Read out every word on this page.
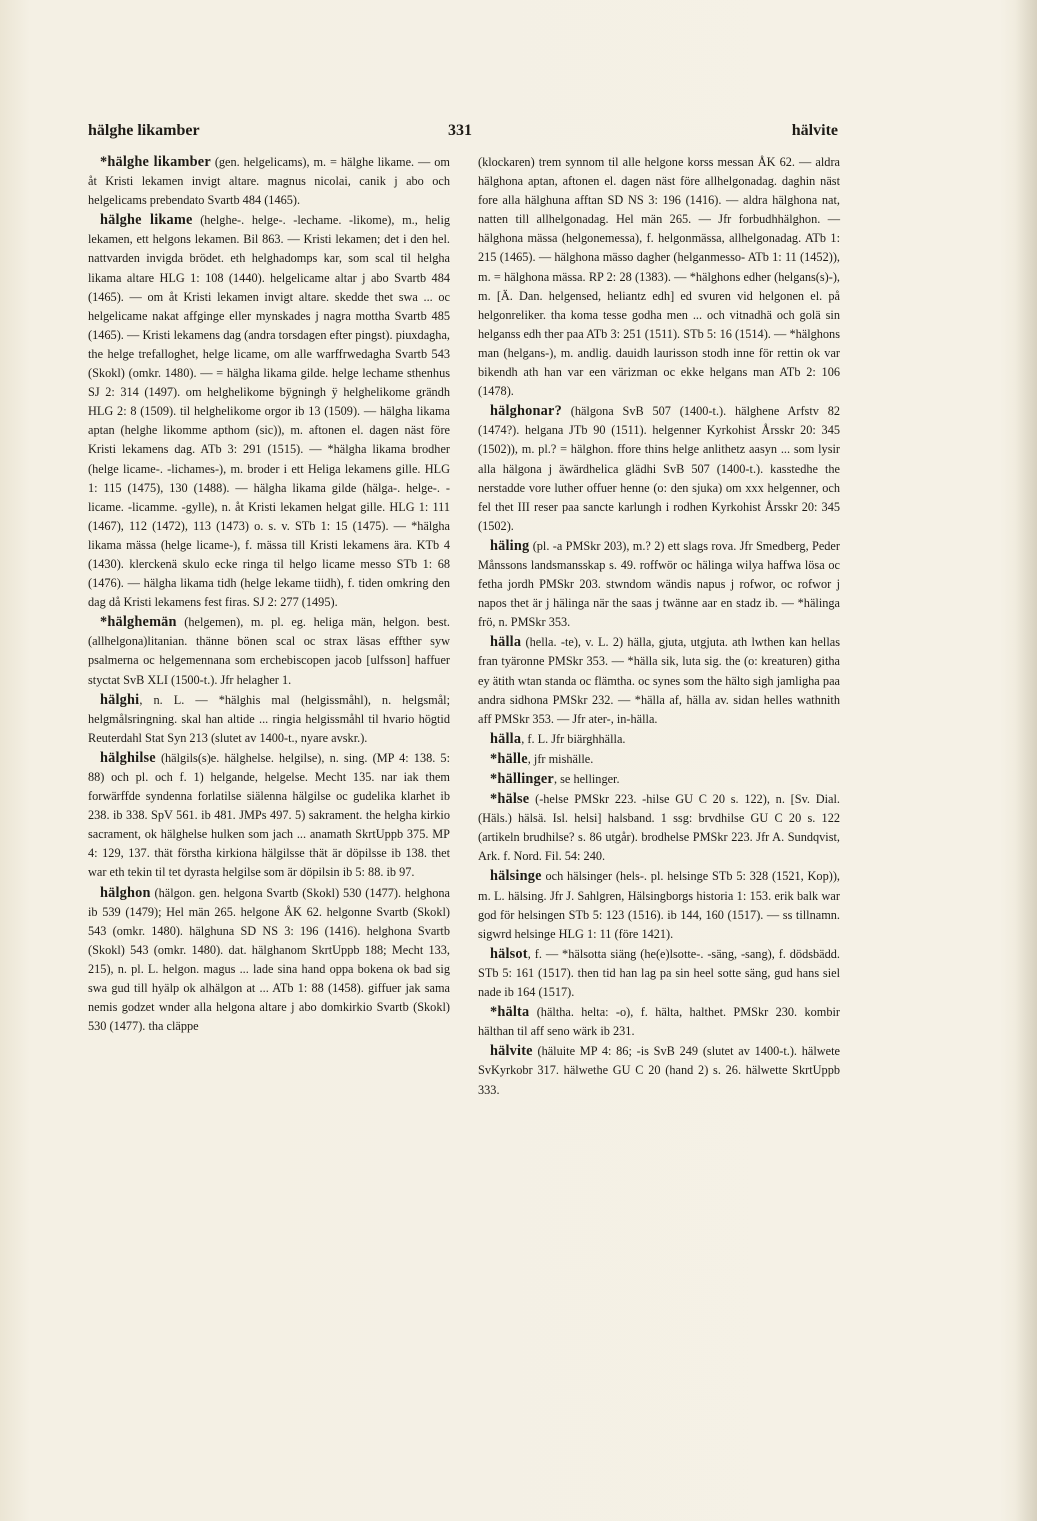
hälghe likamber	331	hälvite

*hälghe likamber (gen. helgelicams), m. = hälghe likame. — om åt Kristi lekamen invigt altare. magnus nicolai, canik j abo och helgelicams prebendato Svartb 484 (1465).

hälghe likame (helghe-. helge-. -lechame. -likome), m., helig lekamen, ett helgons lekamen. Bil 863. — Kristi lekamen; det i den hel. nattvarden invigda brödet. eth helghadomps kar, som scal til helgha likama altare HLG 1: 108 (1440). helgelicame altar j abo Svartb 484 (1465). — om åt Kristi lekamen invigt altare. skedde thet swa ... oc helgelicame nakat affginge eller mynskades j nagra mottha Svartb 485 (1465). — Kristi lekamens dag (andra torsdagen efter pingst). piuxdagha, the helge trefalloghet, helge licame, om alle warffrwedagha Svartb 543 (Skokl) (omkr. 1480). — = hälgha likama gilde. helge lechame sthenhus SJ 2: 314 (1497). om helghelikome bÿgningh ÿ helghelikome grändh HLG 2: 8 (1509). til helghelikome orgor ib 13 (1509). — hälgha likama aptan (helghe likomme apthom (sic)), m. aftonen el. dagen näst före Kristi lekamens dag. ATb 3: 291 (1515). — *hälgha likama brodher (helge licame-. -lichames-), m. broder i ett Heliga lekamens gille. HLG 1: 115 (1475), 130 (1488). — hälgha likama gilde (hälga-. helge-. -licame. -licamme. -gylle), n. åt Kristi lekamen helgat gille. HLG 1: 111 (1467), 112 (1472), 113 (1473) o. s. v. STb 1: 15 (1475). — *hälgha likama mässa (helge licame-), f. mässa till Kristi lekamens ära. KTb 4 (1430). klerckenä skulo ecke ringa til helgo licame messo STb 1: 68 (1476). — hälgha likama tidh (helge lekame tiidh), f. tiden omkring den dag då Kristi lekamens fest firas. SJ 2: 277 (1495).

*hälghemän (helgemen), m. pl. eg. heliga män, helgon. best. (allhelgona)litanian. thänne bönen scal oc strax läsas effther syw psalmerna oc helgemennana som erchebiscopen jacob [ulfsson] haffuer styctat SvB XLI (1500-t.). Jfr helagher 1.

hälghi, n. L. — *hälghis mal (helgissmåhl), n. helgsmål; helgmålsringning. skal han altide ... ringia helgissmåhl til hvario högtid Reuterdahl Stat Syn 213 (slutet av 1400-t., nyare avskr.).

hälghilse (hälgils(s)e. hälghelse. helgilse), n. sing. (MP 4: 138. 5: 88) och pl. och f. 1) helgande, helgelse. Mecht 135. nar iak them forwärffde syndenna forlatilse siälenna hälgilse oc gudelika klarhet ib 238. ib 338. SpV 561. ib 481. JMPs 497. 5) sakrament. the helgha kirkio sacrament, ok hälghelse hulken som jach ... anamath SkrtUppb 375. MP 4: 129, 137. thät förstha kirkiona hälgilsse thät är döpilsse ib 138. thet war eth tekin til tet dyrasta helgilse som är döpilsin ib 5: 88. ib 97.

hälghon (hälgon. gen. helgona Svartb (Skokl) 530 (1477). helghona ib 539 (1479); Hel män 265. helgone ÅK 62. helgonne Svartb (Skokl) 543 (omkr. 1480). hälghuna SD NS 3: 196 (1416). helghona Svartb (Skokl) 543 (omkr. 1480). dat. hälghanom SkrtUppb 188; Mecht 133, 215), n. pl. L. helgon. magus ... lade sina hand oppa bokena ok bad sig swa gud till hyälp ok alhälgon at ... ATb 1: 88 (1458). giffuer jak sama nemis godzet wnder alla helgona altare j abo domkirkio Svartb (Skokl) 530 (1477). tha cläppe

(klockaren) trem synnom til alle helgone korss messan ÅK 62. — aldra hälghona aptan, aftonen el. dagen näst före allhelgonadag. daghin näst fore alla hälghuna afftan SD NS 3: 196 (1416). — aldra hälghona nat, natten till allhelgonadag. Hel män 265. — Jfr forbudhhälghon. — hälghona mässa (helgonemessa), f. helgonmässa, allhelgonadag. ATb 1: 215 (1465). — hälghona mässo dagher (helganmesso- ATb 1: 11 (1452)), m. = hälghona mässa. RP 2: 28 (1383). — *hälghons edher (helgans(s)-), m. [Ä. Dan. helgensed, heliantz edh] ed svuren vid helgonen el. på helgonreliker. tha koma tesse godha men ... och vitnadhä och golä sin helganss edh ther paa ATb 3: 251 (1511). STb 5: 16 (1514). — *hälghons man (helgans-), m. andlig. dauidh laurisson stodh inne för rettin ok var bikendh ath han var een värizman oc ekke helgans man ATb 2: 106 (1478).

hälghonar? (hälgona SvB 507 (1400-t.). hälghene Arfstv 82 (1474?). helgana JTb 90 (1511). helgenner Kyrkohist Årsskr 20: 345 (1502)), m. pl.? = hälghon. ffore thins helge anlithetz aasyn ... som lysir alla hälgona j äwärdhelica glädhi SvB 507 (1400-t.). kasstedhe the nerstadde vore luther offuer henne (o: den sjuka) om xxx helgenner, och fel thet III reser paa sancte karlungh i rodhen Kyrkohist Årsskr 20: 345 (1502).

häling (pl. -a PMSkr 203), m.? 2) ett slags rova. Jfr Smedberg, Peder Månssons landsmansskap s. 49. roffwör oc hälinga wilya haffwa lösa oc fetha jordh PMSkr 203. stwndom wändis napus j rofwor, oc rofwor j napos thet är j hälinga när the saas j twänne aar en stadz ib. — *hälinga frö, n. PMSkr 353.

hälla (hella. -te), v. L. 2) hälla, gjuta, utgjuta. ath lwthen kan hellas fran tyäronne PMSkr 353. — *hälla sik, luta sig. the (o: kreaturen) githa ey ätith wtan standa oc flämtha. oc synes som the hälto sigh jamligha paa andra sidhona PMSkr 232. — *hälla af, hälla av. sidan helles wathnith aff PMSkr 353. — Jfr ater-, in-hälla.

hälla, f. L. Jfr biärghhälla.

*hälle, jfr mishälle.

*hällinger, se hellinger.

*hälse (-helse PMSkr 223. -hilse GU C 20 s. 122), n. [Sv. Dial. (Häls.) hälsä. Isl. helsi] halsband. 1 ssg: brvdhilse GU C 20 s. 122 (artikeln brudhilse? s. 86 utgår). brodhelse PMSkr 223. Jfr A. Sundqvist, Ark. f. Nord. Fil. 54: 240.

hälsinge och hälsinger (hels-. pl. helsinge STb 5: 328 (1521, Kop)), m. L. hälsing. Jfr J. Sahlgren, Hälsingborgs historia 1: 153. erik balk war god för helsingen STb 5: 123 (1516). ib 144, 160 (1517). — ss tillnamn. sigwrd helsinge HLG 1: 11 (före 1421).

hälsot, f. — *hälsotta siäng (he(e)lsotte-. -säng, -sang), f. dödsbädd. STb 5: 161 (1517). then tid han lag pa sin heel sotte säng, gud hans siel nade ib 164 (1517).

*hälta (hältha. helta: -o), f. hälta, halthet. PMSkr 230. kombir hälthan til aff seno wärk ib 231.

hälvite (häluite MP 4: 86; -is SvB 249 (slutet av 1400-t.). hälwete SvKyrkobr 317. hälwethe GU C 20 (hand 2) s. 26. hälwette SkrtUppb 333.
